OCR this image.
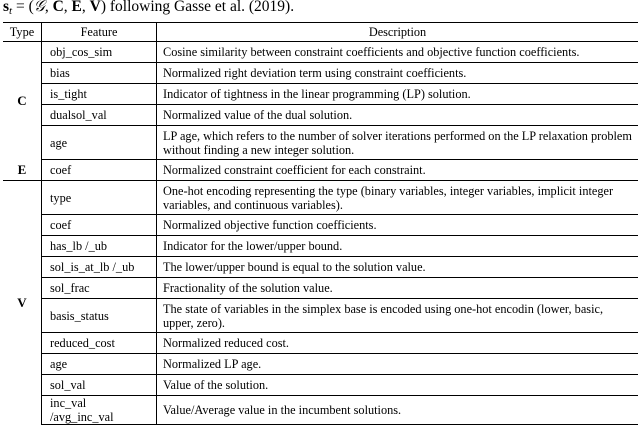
$s_t$ = (𝒢, C, E, V) following Gasse et al. (2019).
Type	Feature	Description
C	obj_cos_sim	Cosine similarity between constraint coefficients and objective function coefficients.
	bias	Normalized right deviation term using constraint coefficients.
	is_tight	Indicator of tightness in the linear programming (LP) solution.
	dualsol_val	Normalized value of the dual solution.
	age	LP age, which refers to the number of solver iterations performed on the LP relaxation problem without finding a new integer solution.
E	coef	Normalized constraint coefficient for each constraint.
V	type	One-hot encoding representing the type (binary variables, integer variables, implicit integer variables, and continuous variables).
	coef	Normalized objective function coefficients.
	has_lb /_ub	Indicator for the lower/upper bound.
	sol_is_at_lb /_ub	The lower/upper bound is equal to the solution value.
	sol_frac	Fractionality of the solution value.
	basis_status	The state of variables in the simplex base is encoded using one-hot encodin (lower, basic, upper, zero).
	reduced_cost	Normalized reduced cost.
	age	Normalized LP age.
	sol_val	Value of the solution.
	inc_val /avg_inc_val	Value/Average value in the incumbent solutions.
